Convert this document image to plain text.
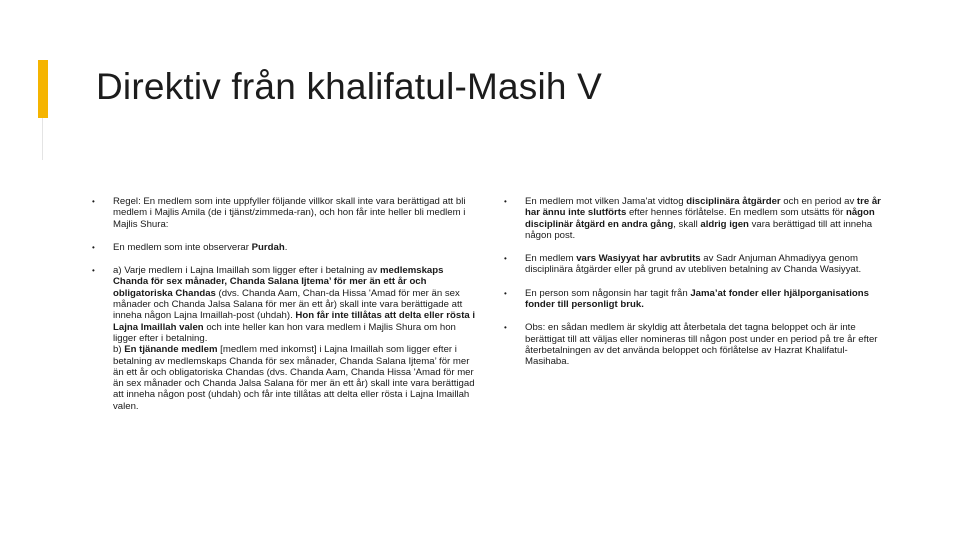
Direktiv från khalifatul-Masih V
• Regel: En medlem som inte uppfyller följande villkor skall inte vara berättigad att bli medlem i Majlis Amila (de i tjänst/zimmeda-ran), och hon får inte heller bli medlem i Majlis Shura:
• En medlem som inte observerar Purdah.
• a) Varje medlem i Lajna Imaillah som ligger efter i betalning av medlemskaps Chanda för sex månader, Chanda Salana Ijtema’ för mer än ett år och obligatoriska Chandas (dvs. Chanda Aam, Chan-da Hissa 'Amad för mer än sex månader och Chanda Jalsa Salana för mer än ett år) skall inte vara berättigade att inneha någon Lajna Imaillah-post (uhdah). Hon får inte tillåtas att delta eller rösta i Lajna Imaillah valen och inte heller kan hon vara medlem i Majlis Shura om hon ligger efter i betalning.
b) En tjänande medlem [medlem med inkomst] i Lajna Imaillah som ligger efter i betalning av medlemskaps Chanda för sex månader, Chanda Salana Ijtema’ för mer än ett år och obligatoriska Chandas (dvs. Chanda Aam, Chanda Hissa 'Amad för mer än sex månader och Chanda Jalsa Salana för mer än ett år) skall inte vara berättigad att inneha någon post (uhdah) och får inte tillåtas att delta eller rösta i Lajna Imaillah valen.
• En medlem mot vilken Jama'at vidtog disciplinära åtgärder och en period av tre år har ännu inte slutförts efter hennes förlåtelse. En medlem som utsätts för någon disciplinär åtgärd en andra gång, skall aldrig igen vara berättigad till att inneha någon post.
• En medlem vars Wasiyyat har avbrutits av Sadr Anjuman Ahmadiyya genom disciplinära åtgärder eller på grund av utebliven betalning av Chanda Wasiyyat.
• En person som någonsin har tagit från Jama’at fonder eller hjälporganisations fonder till personligt bruk.
• Obs: en sådan medlem är skyldig att återbetala det tagna beloppet och är inte berättigat till att väljas eller nomineras till någon post under en period på tre år efter återbetalningen av det använda beloppet och förlåtelse av Hazrat Khalifatul-Masihaba.
